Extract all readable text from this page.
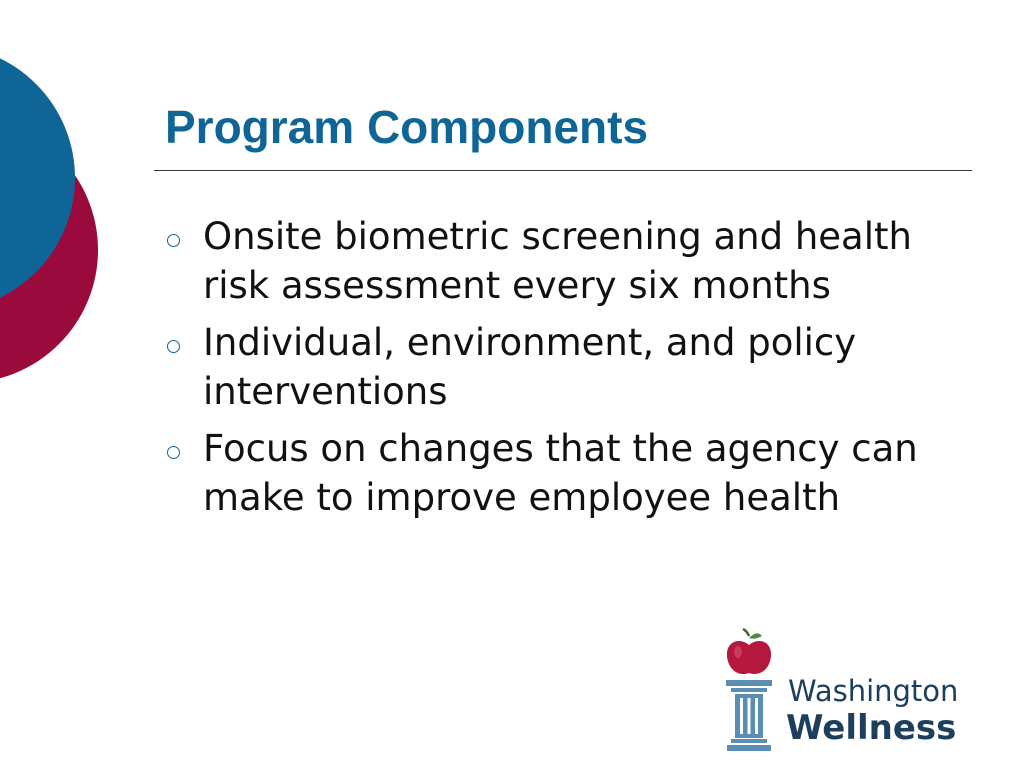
Program Components
Onsite biometric screening and health risk assessment every six months
Individual, environment, and policy interventions
Focus on changes that the agency can make to improve employee health
Washington
Wellness
